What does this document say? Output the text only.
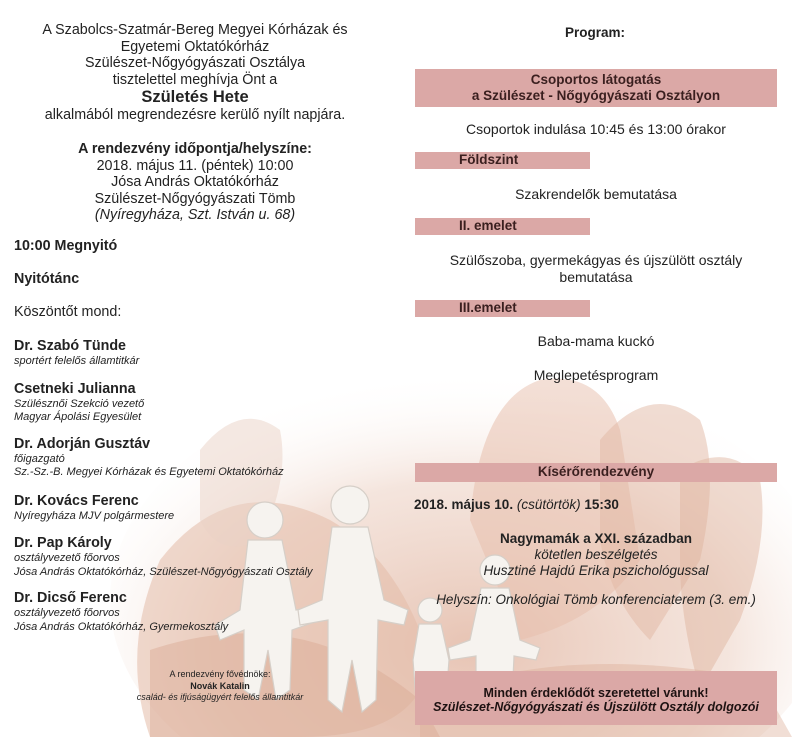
A Szabolcs-Szatmár-Bereg Megyei Kórházak és

Egyetemi Oktatókórház

Szülészet-Nőgyógyászati Osztálya

tisztelettel meghívja Önt a

Születés Hete

alkalmából megrendezésre kerülő nyílt napjára.

A rendezvény időpontja/helyszíne:

2018. május 11. (péntek) 10:00

Jósa András Oktatókórház

Szülészet-Nőgyógyászati Tömb

(Nyíregyháza, Szt. István u. 68)

10:00 Megnyitó

Nyitótánc

Köszöntőt mond:

Dr. Szabó Tünde

sportért felelős államtitkár

Csetneki Julianna

Szülésznői Szekció vezető

Magyar Ápolási Egyesület

Dr. Adorján Gusztáv

főigazgató

Sz.-Sz.-B. Megyei Kórházak és Egyetemi Oktatókórház

Dr. Kovács Ferenc

Nyíregyháza MJV polgármestere

Dr. Pap Károly

osztályvezető főorvos

Jósa András Oktatókórház, Szülészet-Nőgyógyászati Osztály

Dr. Dicső Ferenc

osztályvezető főorvos

Jósa András Oktatókórház, Gyermekosztály

A rendezvény fővédnöke:
Novák Katalin
család- és ifjúságügyért felelős államtitkár
Program:
Csoportos látogatás
a Szülészet - Nőgyógyászati Osztályon
Csoportok indulása 10:45 és 13:00 órakor
Földszint
Szakrendelők bemutatása
II. emelet
Szülőszoba, gyermekágyas és újszülött osztály
bemutatása
III.emelet
Baba-mama kuckó
Meglepetésprogram
Kísérőrendezvény
2018. május 10. (csütörtök) 15:30
Nagymamák a XXI. században
kötetlen beszélgetés
Husztiné Hajdú Erika pszichológussal
Helyszín: Onkológiai Tömb konferenciaterem (3. em.)
Minden érdeklődőt szeretettel várunk!
Szülészet-Nőgyógyászati és Újszülött Osztály dolgozói
